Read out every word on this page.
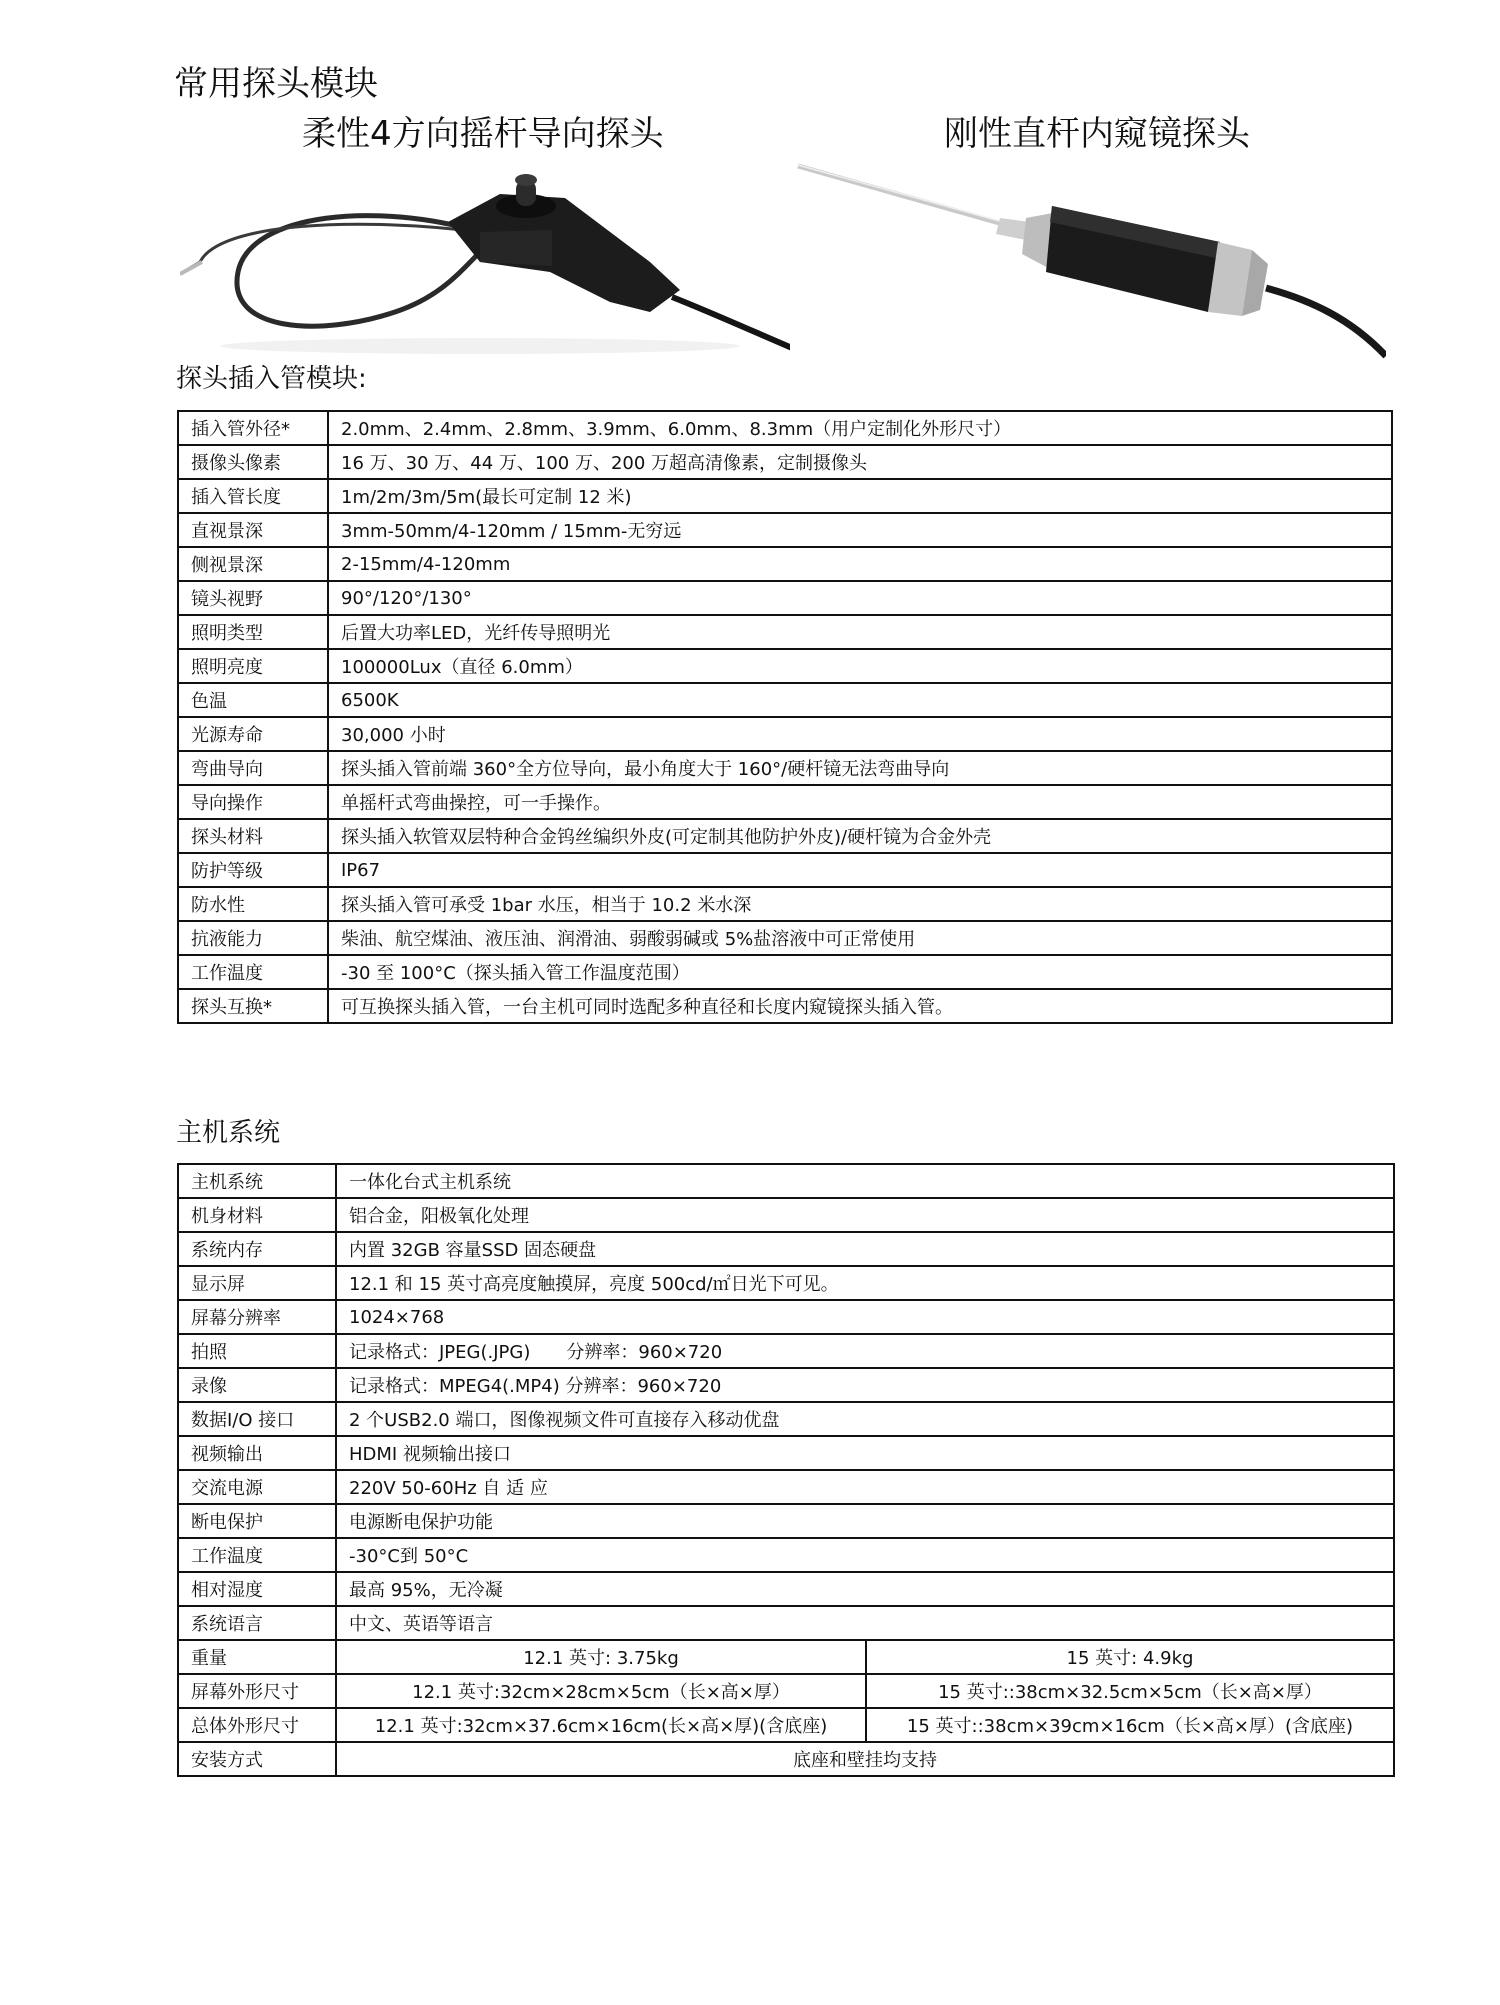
常用探头模块
柔性4方向摇杆导向探头	刚性直杆内窥镜探头
探头插入管模块:
插入管外径*	2.0mm、2.4mm、2.8mm、3.9mm、6.0mm、8.3mm（用户定制化外形尺寸）
摄像头像素	16 万、30 万、44 万、100 万、200 万超高清像素，定制摄像头
插入管长度	1m/2m/3m/5m(最长可定制 12 米)
直视景深	3mm-50mm/4-120mm / 15mm-无穷远
侧视景深	2-15mm/4-120mm
镜头视野	90°/120°/130°
照明类型	后置大功率LED，光纤传导照明光
照明亮度	100000Lux（直径 6.0mm）
色温	6500K
光源寿命	30,000 小时
弯曲导向	探头插入管前端 360°全方位导向，最小角度大于 160°/硬杆镜无法弯曲导向
导向操作	单摇杆式弯曲操控，可一手操作。
探头材料	探头插入软管双层特种合金钨丝编织外皮(可定制其他防护外皮)/硬杆镜为合金外壳
防护等级	IP67
防水性	探头插入管可承受 1bar 水压，相当于 10.2 米水深
抗液能力	柴油、航空煤油、液压油、润滑油、弱酸弱碱或 5%盐溶液中可正常使用
工作温度	-30 至 100°C（探头插入管工作温度范围）
探头互换*	可互换探头插入管，一台主机可同时选配多种直径和长度内窥镜探头插入管。
主机系统
主机系统	一体化台式主机系统	
机身材料	铝合金，阳极氧化处理	
系统内存	内置 32GB 容量SSD 固态硬盘	
显示屏	12.1 和 15 英寸高亮度触摸屏，亮度 500cd/㎡日光下可见。	
屏幕分辨率	1024×768	
拍照	记录格式：JPEG(.JPG)　　分辨率：960×720	
录像	记录格式：MPEG4(.MP4) 分辨率：960×720	
数据I/O 接口	2 个USB2.0 端口，图像视频文件可直接存入移动优盘	
视频输出	HDMI 视频输出接口	
交流电源	220V 50-60Hz 自 适 应	
断电保护	电源断电保护功能	
工作温度	-30°C到 50°C	
相对湿度	最高 95%，无冷凝	
系统语言	中文、英语等语言	
重量	12.1 英寸: 3.75kg	15 英寸: 4.9kg
屏幕外形尺寸	12.1 英寸:32cm×28cm×5cm（长×高×厚）	15 英寸::38cm×32.5cm×5cm（长×高×厚）
总体外形尺寸	12.1 英寸:32cm×37.6cm×16cm(长×高×厚)(含底座)	15 英寸::38cm×39cm×16cm（长×高×厚）(含底座)
安装方式	底座和壁挂均支持	
